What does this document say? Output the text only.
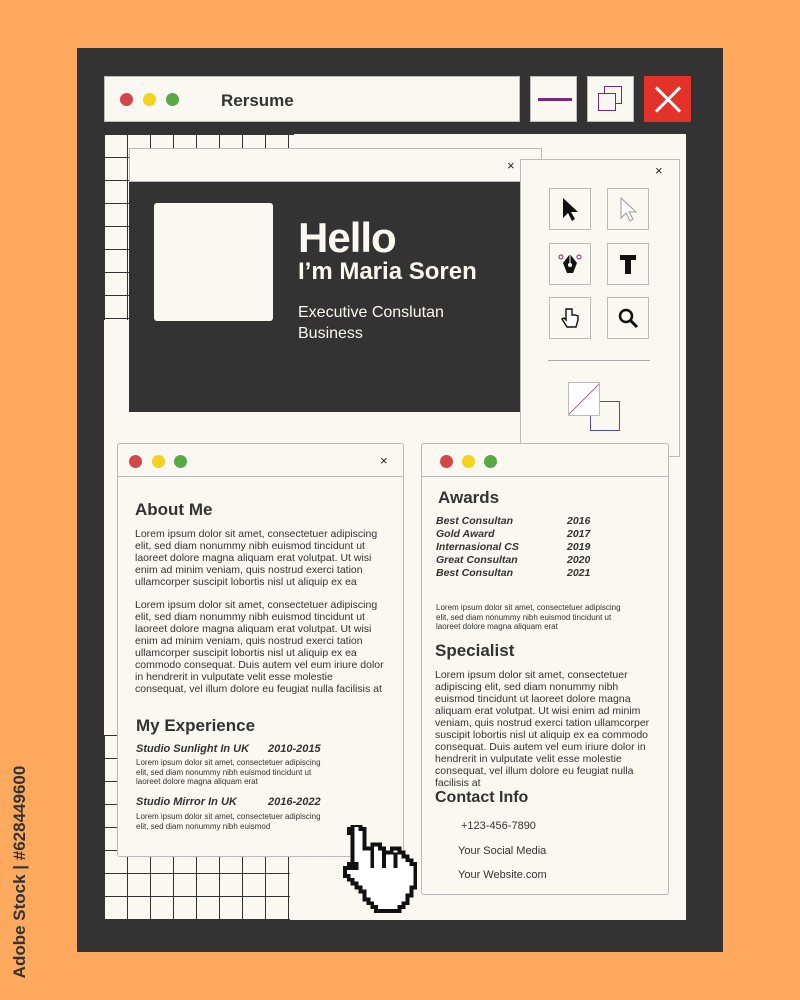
Rersume
×
Hello
I’m Maria Soren
Executive Conslutan
Business
×
×
About Me
Lorem ipsum dolor sit amet, consectetuer adipiscing elit, sed diam nonummy nibh euismod tincidunt ut laoreet dolore magna aliquam erat volutpat. Ut wisi enim ad minim veniam, quis nostrud exerci tation ullamcorper suscipit lobortis nisl ut aliquip ex ea
Lorem ipsum dolor sit amet, consectetuer adipiscing elit, sed diam nonummy nibh euismod tincidunt ut laoreet dolore magna aliquam erat volutpat. Ut wisi enim ad minim veniam, quis nostrud exerci tation ullamcorper suscipit lobortis nisl ut aliquip ex ea commodo consequat. Duis autem vel eum iriure dolor in hendrerit in vulputate velit esse molestie consequat, vel illum dolore eu feugiat nulla facilisis at
My Experience
Studio Sunlight In UK 2010-2015
Lorem ipsum dolor sit amet, consectetuer adipiscing elit, sed diam nonummy nibh euismod tincidunt ut laoreet dolore magna aliquam erat
Studio Mirror In UK	2016-2022
Lorem ipsum dolor sit amet, consectetuer adipiscing elit, sed diam nonummy nibh euismod
Awards
Best Consultan	2016
Gold Award	2017
Internasional CS	2019
Great Consultan	2020
Best Consultan	2021
Lorem ipsum dolor sit amet, consectetuer adipiscing elit, sed diam nonummy nibh euismod tincidunt ut laoreet dolore magna aliquam erat
Specialist
Lorem ipsum dolor sit amet, consectetuer adipiscing elit, sed diam nonummy nibh euismod tincidunt ut laoreet dolore magna aliquam erat volutpat. Ut wisi enim ad minim veniam, quis nostrud exerci tation ullamcorper suscipit lobortis nisl ut aliquip ex ea commodo consequat. Duis autem vel eum iriure dolor in hendrerit in vulputate velit esse molestie consequat, vel illum dolore eu feugiat nulla facilisis at
Contact Info
+123-456-7890
Your Social Media
Your Website.com
Adobe Stock | #628449600
